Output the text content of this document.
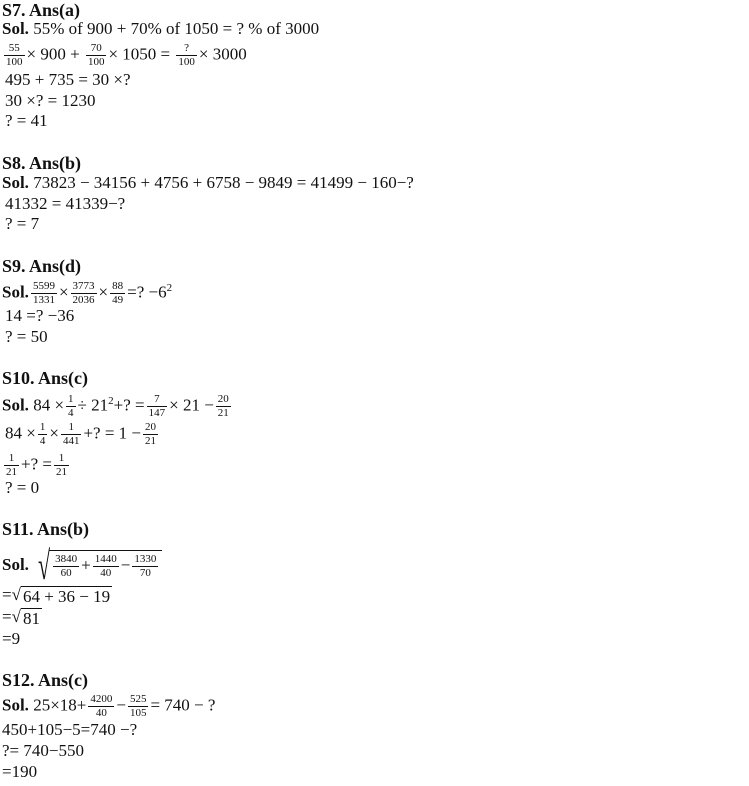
S7. Ans(a)
Sol. 55% of 900 + 70% of 1050 = ? % of 3000
$\frac{55}{100} \times 900 + \frac{70}{100} \times 1050$ =	?
100 × 3000
495 + 735 = 30 ×?
30 ×? = 1230
? = 41
S8. Ans(b)
Sol. 73823 − 34156 + 4756 + 6758 − 9849 = 41499 − 160−?
41332 = 41339−?
? = 7
S9. Ans(d)
Sol. $\frac{5599}{1331} \times \frac{3773}{2036} \times \frac{88}{49}$ =? $-6^2$
14 =? −36
? = 50
S10. Ans(c)
Sol. $84 \times \frac{1}{4} \div 21^2+$? = $\frac{7}{147} \times 21 - \frac{20}{21}$
$84 \times \frac{1}{4} \times \frac{1}{441}$ +? = $1 - \frac{20}{21}$
$\frac{1}{21}$ +? = $\frac{1}{21}$
? = 0
S11. Ans(b)
Sol. √ $\frac{3840}{60} + \frac{1440}{40} - \frac{1330}{70}$
=√ 64 + 36 − 19
=√ 81
=9
S12. Ans(c)
Sol. $25\times 18+ \frac{4200}{40} - \frac{525}{105} = 740$ − ?
450+105−5=740 −?
?= 740−550
=190
